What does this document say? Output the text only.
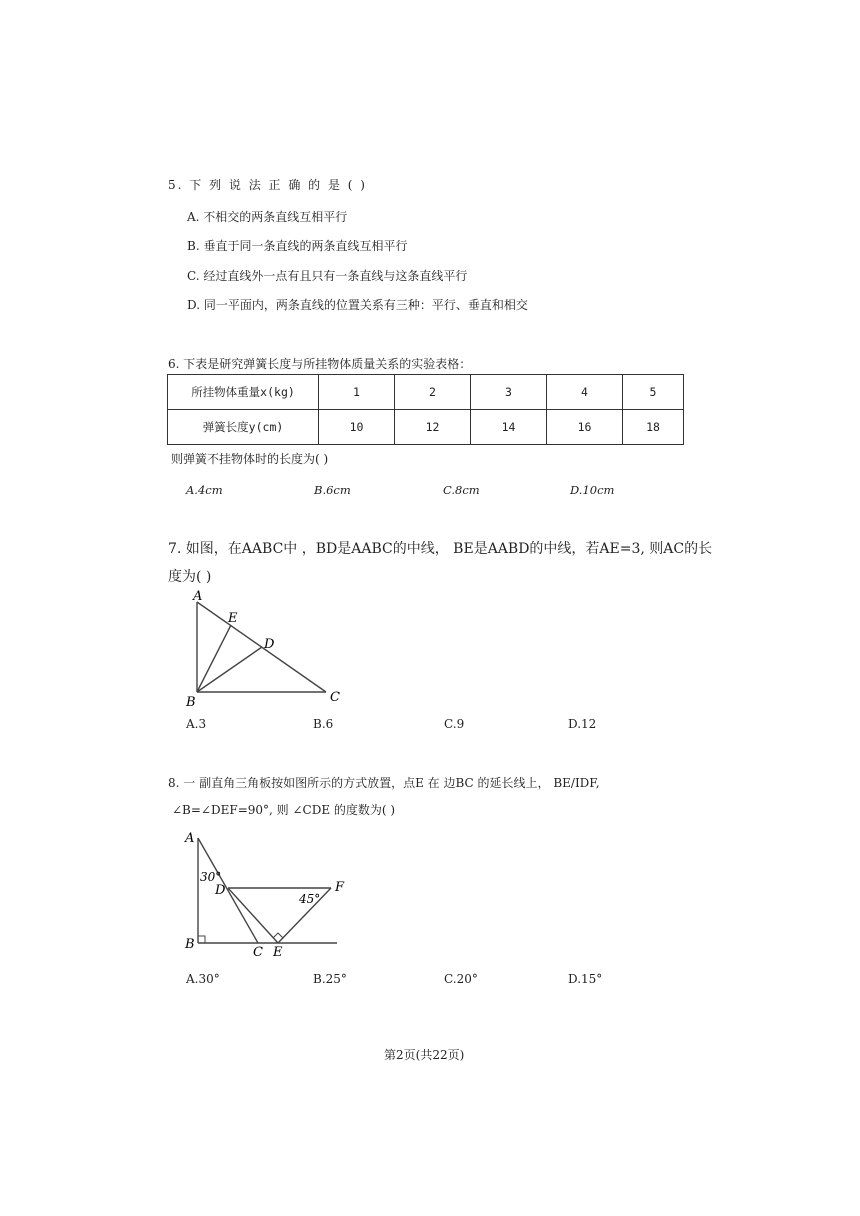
5. 下 列 说 法 正 确 的 是 ( )
A. 不相交的两条直线互相平行
B. 垂直于同一条直线的两条直线互相平行
C. 经过直线外一点有且只有一条直线与这条直线平行
D. 同一平面内，两条直线的位置关系有三种：平行、垂直和相交
6. 下表是研究弹簧长度与所挂物体质量关系的实验表格：
所挂物体重量x(kg)	1	2	3	4	5
弹簧长度y(cm)	10	12	14	16	18
则弹簧不挂物体时的长度为( )
A.4cm	B.6cm	C.8cm	D.10cm
7. 如图，在AABC中 ，BD是AABC的中线， BE是AABD的中线，若AE=3, 则AC的长
度为( )
A
E
D
B	C
A.3	B.6	C.9	D.12
8. 一 副直角三角板按如图所示的方式放置，点E 在 边BC 的延长线上， BE/IDF,
∠B=∠DEF=90°, 则 ∠CDE 的度数为( )
A
30°
D
45°
F
B
C E
A.30°	B.25°	C.20°	D.15°
第2页(共22页)
